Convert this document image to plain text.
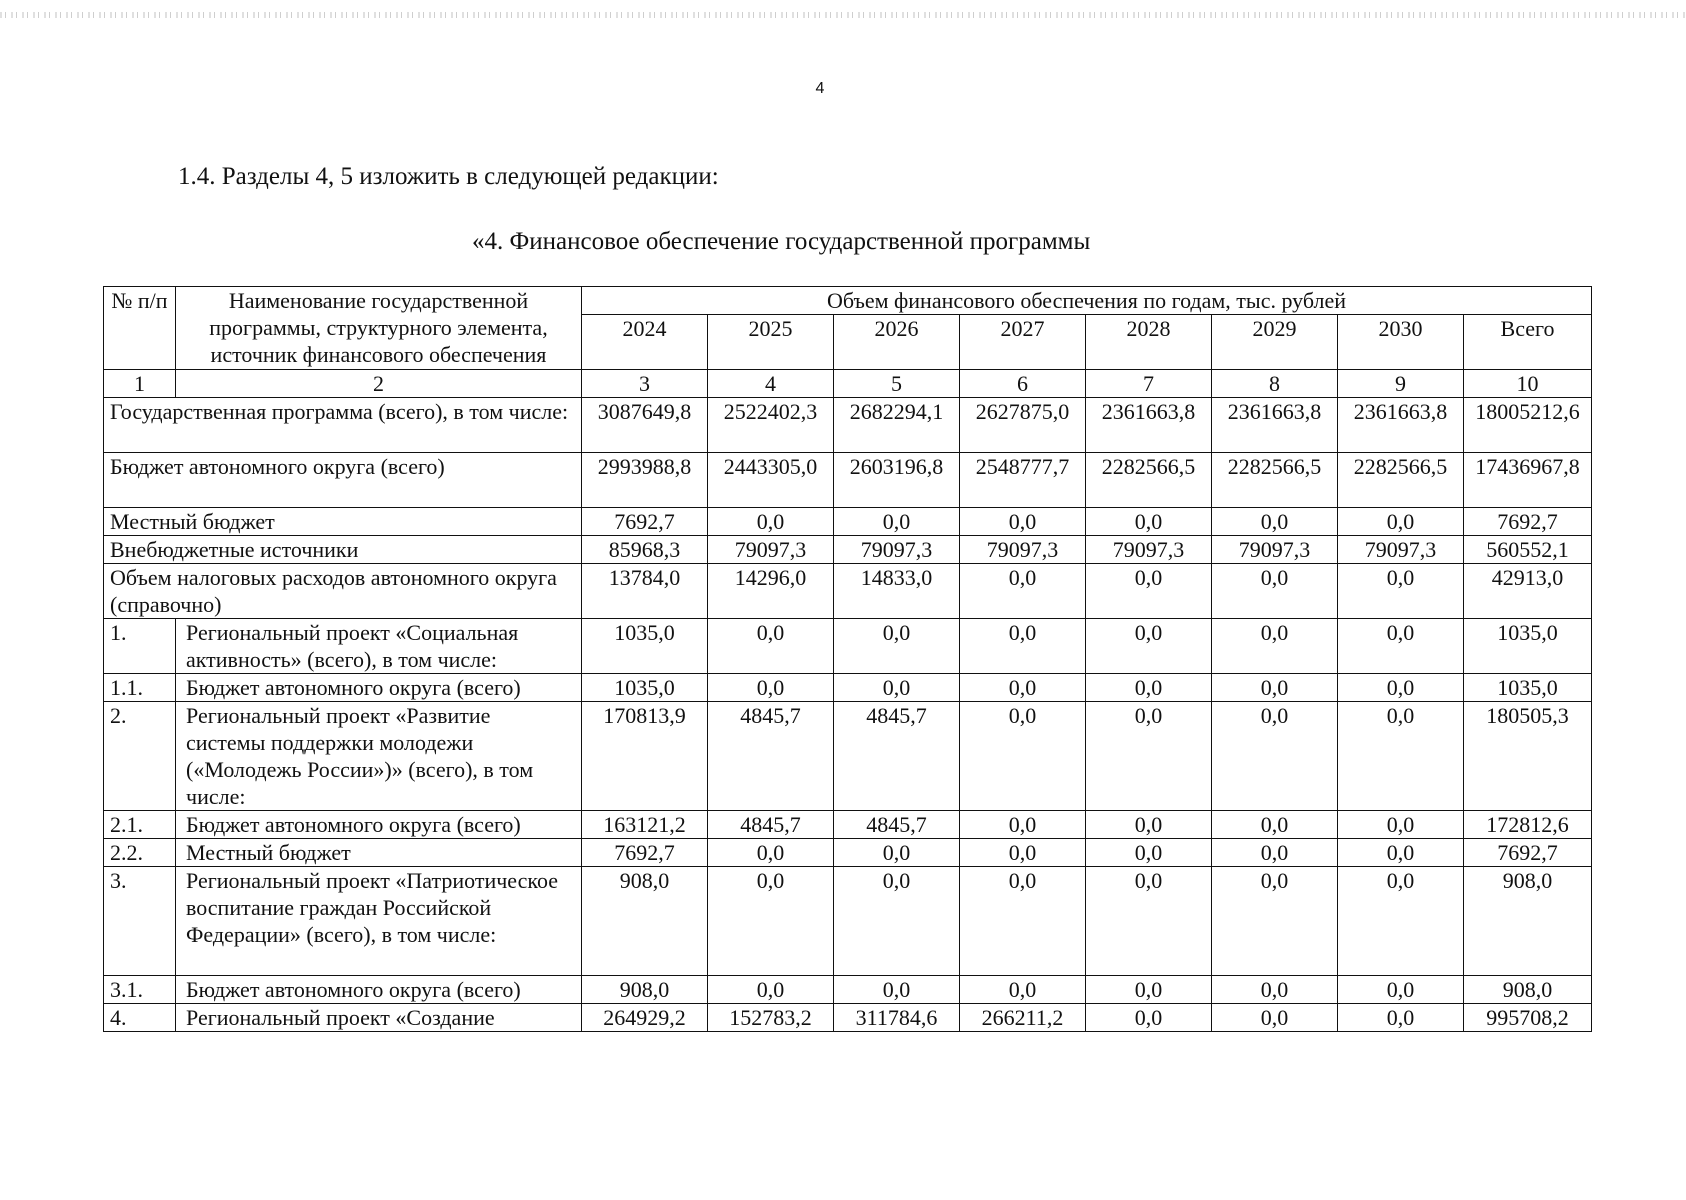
4
1.4. Разделы 4, 5 изложить в следующей редакции:
«4. Финансовое обеспечение государственной программы
№ п/п	Наименование государственной программы, структурного элемента, источник финансового обеспечения	Объем финансового обеспечения по годам, тыс. рублей							
		2024	2025	2026	2027	2028	2029	2030	Всего
1	2	3	4	5	6	7	8	9	10
Государственная программа (всего), в том числе:		3087649,8	2522402,3	2682294,1	2627875,0	2361663,8	2361663,8	2361663,8	18005212,6
Бюджет автономного округа (всего)		2993988,8	2443305,0	2603196,8	2548777,7	2282566,5	2282566,5	2282566,5	17436967,8
Местный бюджет		7692,7	0,0	0,0	0,0	0,0	0,0	0,0	7692,7
Внебюджетные источники		85968,3	79097,3	79097,3	79097,3	79097,3	79097,3	79097,3	560552,1
Объем налоговых расходов автономного округа (справочно)		13784,0	14296,0	14833,0	0,0	0,0	0,0	0,0	42913,0
1.	Региональный проект «Социальная активность» (всего), в том числе:	1035,0	0,0	0,0	0,0	0,0	0,0	0,0	1035,0
1.1.	Бюджет автономного округа (всего)	1035,0	0,0	0,0	0,0	0,0	0,0	0,0	1035,0
2.	Региональный проект «Развитие системы поддержки молодежи («Молодежь России»)» (всего), в том числе:	170813,9	4845,7	4845,7	0,0	0,0	0,0	0,0	180505,3
2.1.	Бюджет автономного округа (всего)	163121,2	4845,7	4845,7	0,0	0,0	0,0	0,0	172812,6
2.2.	Местный бюджет	7692,7	0,0	0,0	0,0	0,0	0,0	0,0	7692,7
3.	Региональный проект «Патриотическое воспитание граждан Российской Федерации» (всего), в том числе:	908,0	0,0	0,0	0,0	0,0	0,0	0,0	908,0
3.1.	Бюджет автономного округа (всего)	908,0	0,0	0,0	0,0	0,0	0,0	0,0	908,0
4.	Региональный проект «Создание	264929,2	152783,2	311784,6	266211,2	0,0	0,0	0,0	995708,2
